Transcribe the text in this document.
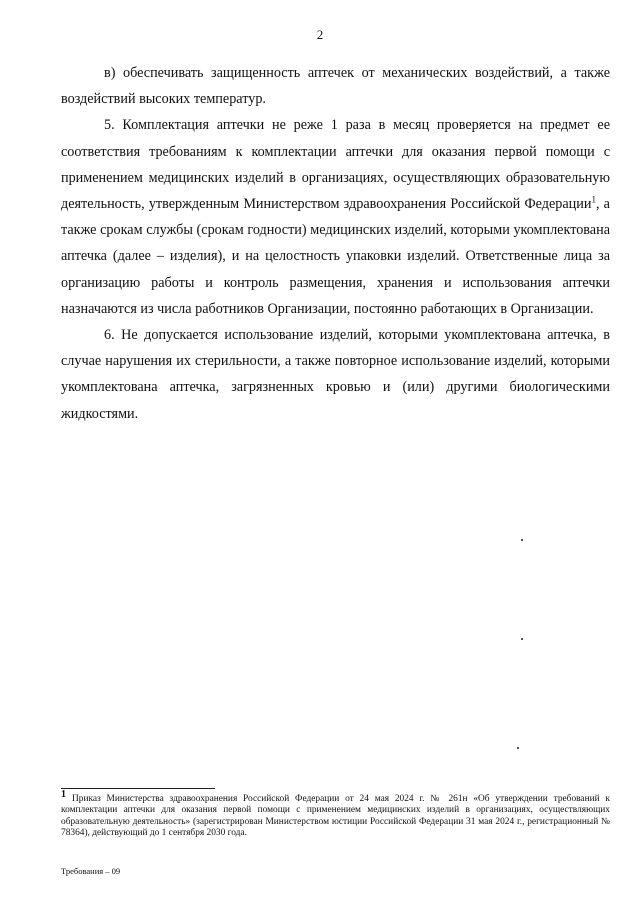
2

в) обеспечивать защищенность аптечек от механических воздействий, а также воздействий высоких температур.

5. Комплектация аптечки не реже 1 раза в месяц проверяется на предмет ее соответствия требованиям к комплектации аптечки для оказания первой помощи с применением медицинских изделий в организациях, осуществляющих образовательную деятельность, утвержденным Министерством здравоохранения Российской Федерации$^1$, а также срокам службы (срокам годности) медицинских изделий, которыми укомплектована аптечка (далее – изделия), и на целостность упаковки изделий. Ответственные лица за организацию работы и контроль размещения, хранения и использования аптечки назначаются из числа работников Организации, постоянно работающих в Организации.

6. Не допускается использование изделий, которыми укомплектована аптечка, в случае нарушения их стерильности, а также повторное использование изделий, которыми укомплектована аптечка, загрязненных кровью и (или) другими биологическими жидкостями.

1 Приказ Министерства здравоохранения Российской Федерации от 24 мая 2024 г. № 261н «Об утверждении требований к комплектации аптечки для оказания первой помощи с применением медицинских изделий в организациях, осуществляющих образовательную деятельность» (зарегистрирован Министерством юстиции Российской Федерации 31 мая 2024 г., регистрационный № 78364), действующий до 1 сентября 2030 года.

Требования – 09
